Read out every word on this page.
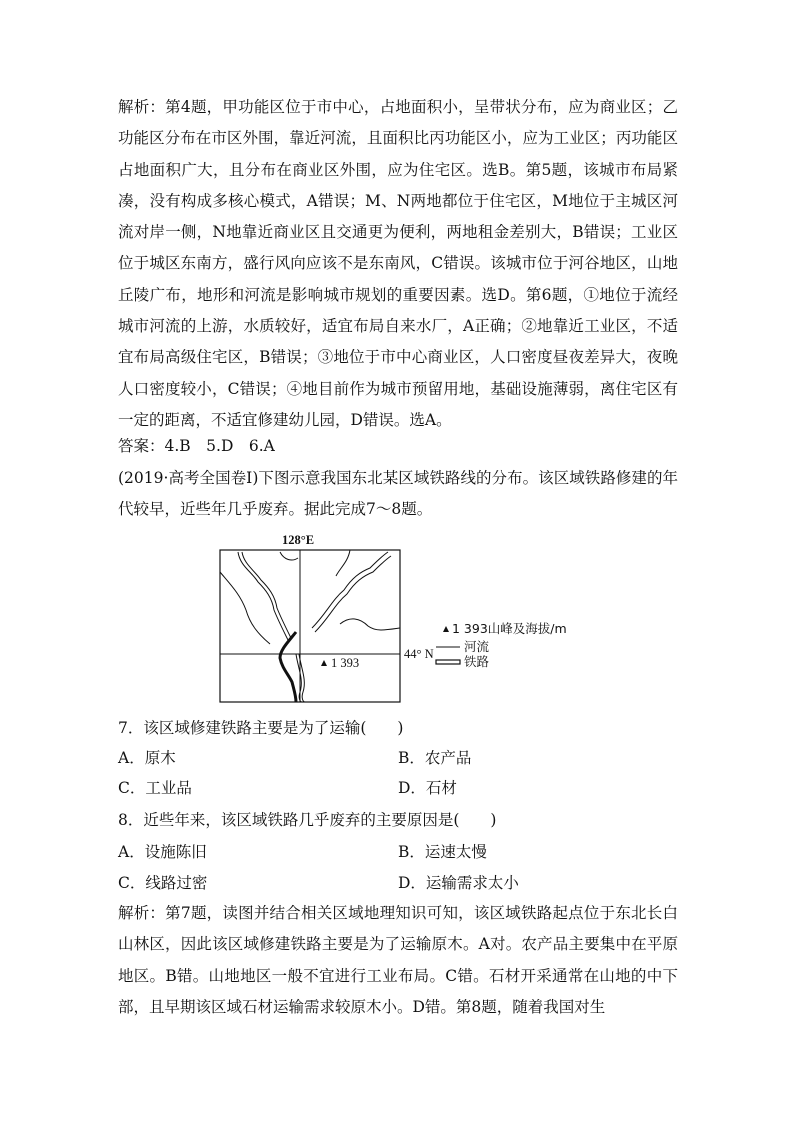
解析：第4题，甲功能区位于市中心，占地面积小，呈带状分布，应为商业区；乙功能区分布在市区外围，靠近河流，且面积比丙功能区小，应为工业区；丙功能区占地面积广大，且分布在商业区外围，应为住宅区。选B。第5题，该城市布局紧凑，没有构成多核心模式，A错误；M、N两地都位于住宅区，M地位于主城区河流对岸一侧，N地靠近商业区且交通更为便利，两地租金差别大，B错误；工业区位于城区东南方，盛行风向应该不是东南风，C错误。该城市位于河谷地区，山地丘陵广布，地形和河流是影响城市规划的重要因素。选D。第6题，①地位于流经城市河流的上游，水质较好，适宜布局自来水厂，A正确；②地靠近工业区，不适宜布局高级住宅区，B错误；③地位于市中心商业区，人口密度昼夜差异大，夜晚人口密度较小，C错误；④地目前作为城市预留用地，基础设施薄弱，离住宅区有一定的距离，不适宜修建幼儿园，D错误。选A。
答案：4.B　5.D　6.A
(2019·高考全国卷Ⅰ)下图示意我国东北某区域铁路线的分布。该区域铁路修建的年代较早，近些年几乎废弃。据此完成7～8题。
128°E
1 393
44° N
1 393山峰及海拔/m
河流
铁路
7．该区域修建铁路主要是为了运输(　　)
A．原木	B．农产品
C．工业品	D．石材
8．近些年来，该区域铁路几乎废弃的主要原因是(　　)
A．设施陈旧	B．运速太慢
C．线路过密	D．运输需求太小
解析：第7题，读图并结合相关区域地理知识可知，该区域铁路起点位于东北长白山林区，因此该区域修建铁路主要是为了运输原木。A对。农产品主要集中在平原地区。B错。山地地区一般不宜进行工业布局。C错。石材开采通常在山地的中下部，且早期该区域石材运输需求较原木小。D错。第8题，随着我国对生
